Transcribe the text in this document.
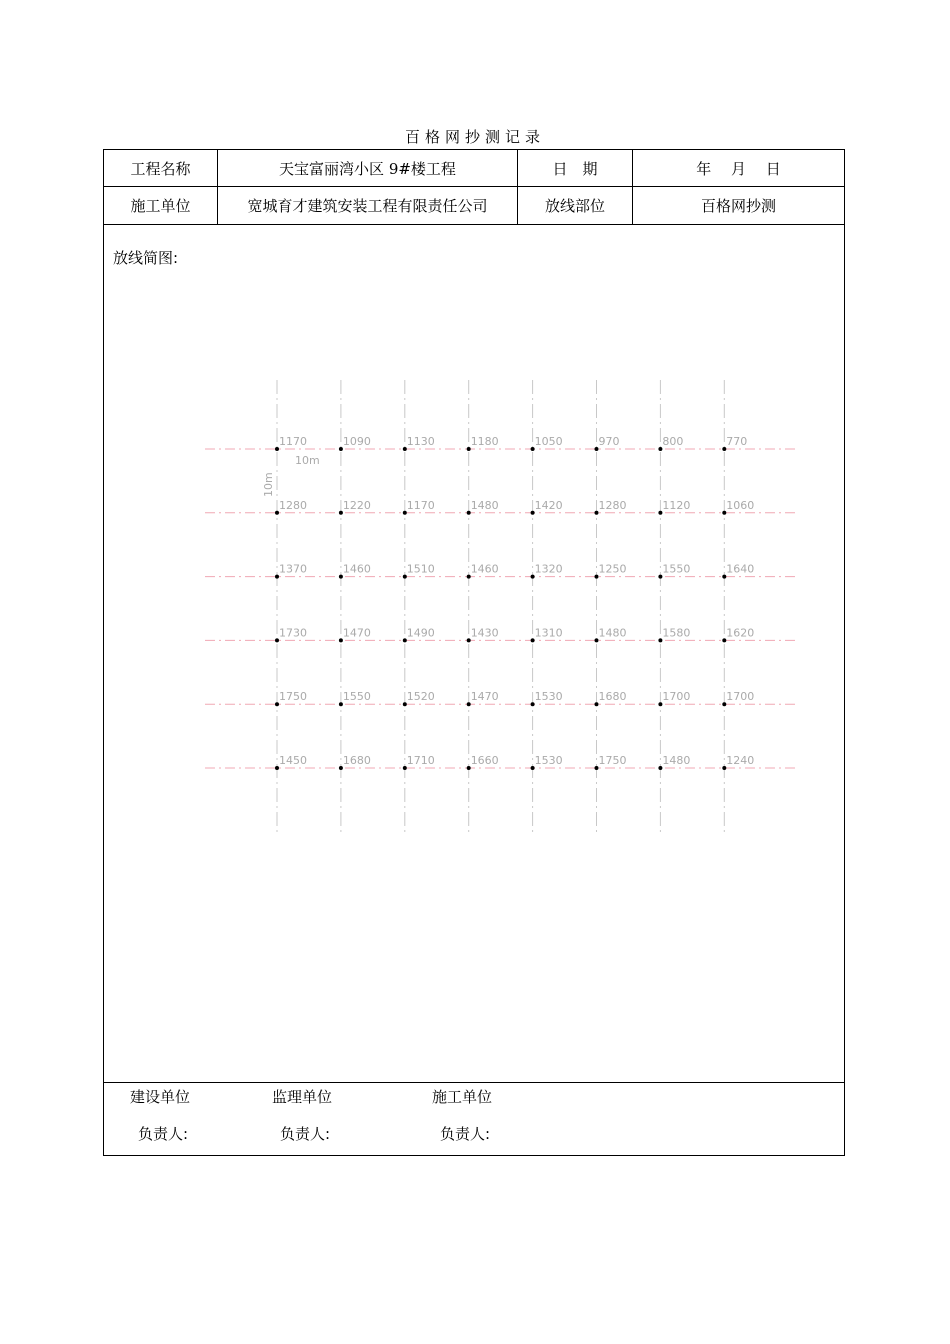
百格网抄测记录
工程名称	天宝富丽湾小区 9#楼工程	日　期	年　 月　 日
施工单位	宽城育才建筑安装工程有限责任公司	放线部位	百格网抄测
放线简图:
建设单位	监理单位	施工单位
负责人:	负责人:	负责人:
1170	1090	1130	1180	1050	970	800	770
1280	1220	1170	1480	1420	1280	1120	1060
1370	1460	1510	1460	1320	1250	1550	1640
1730	1470	1490	1430	1310	1480	1580	1620
1750	1550	1520	1470	1530	1680	1700	1700
1450	1680	1710	1660	1530	1750	1480	1240
10m
10m
